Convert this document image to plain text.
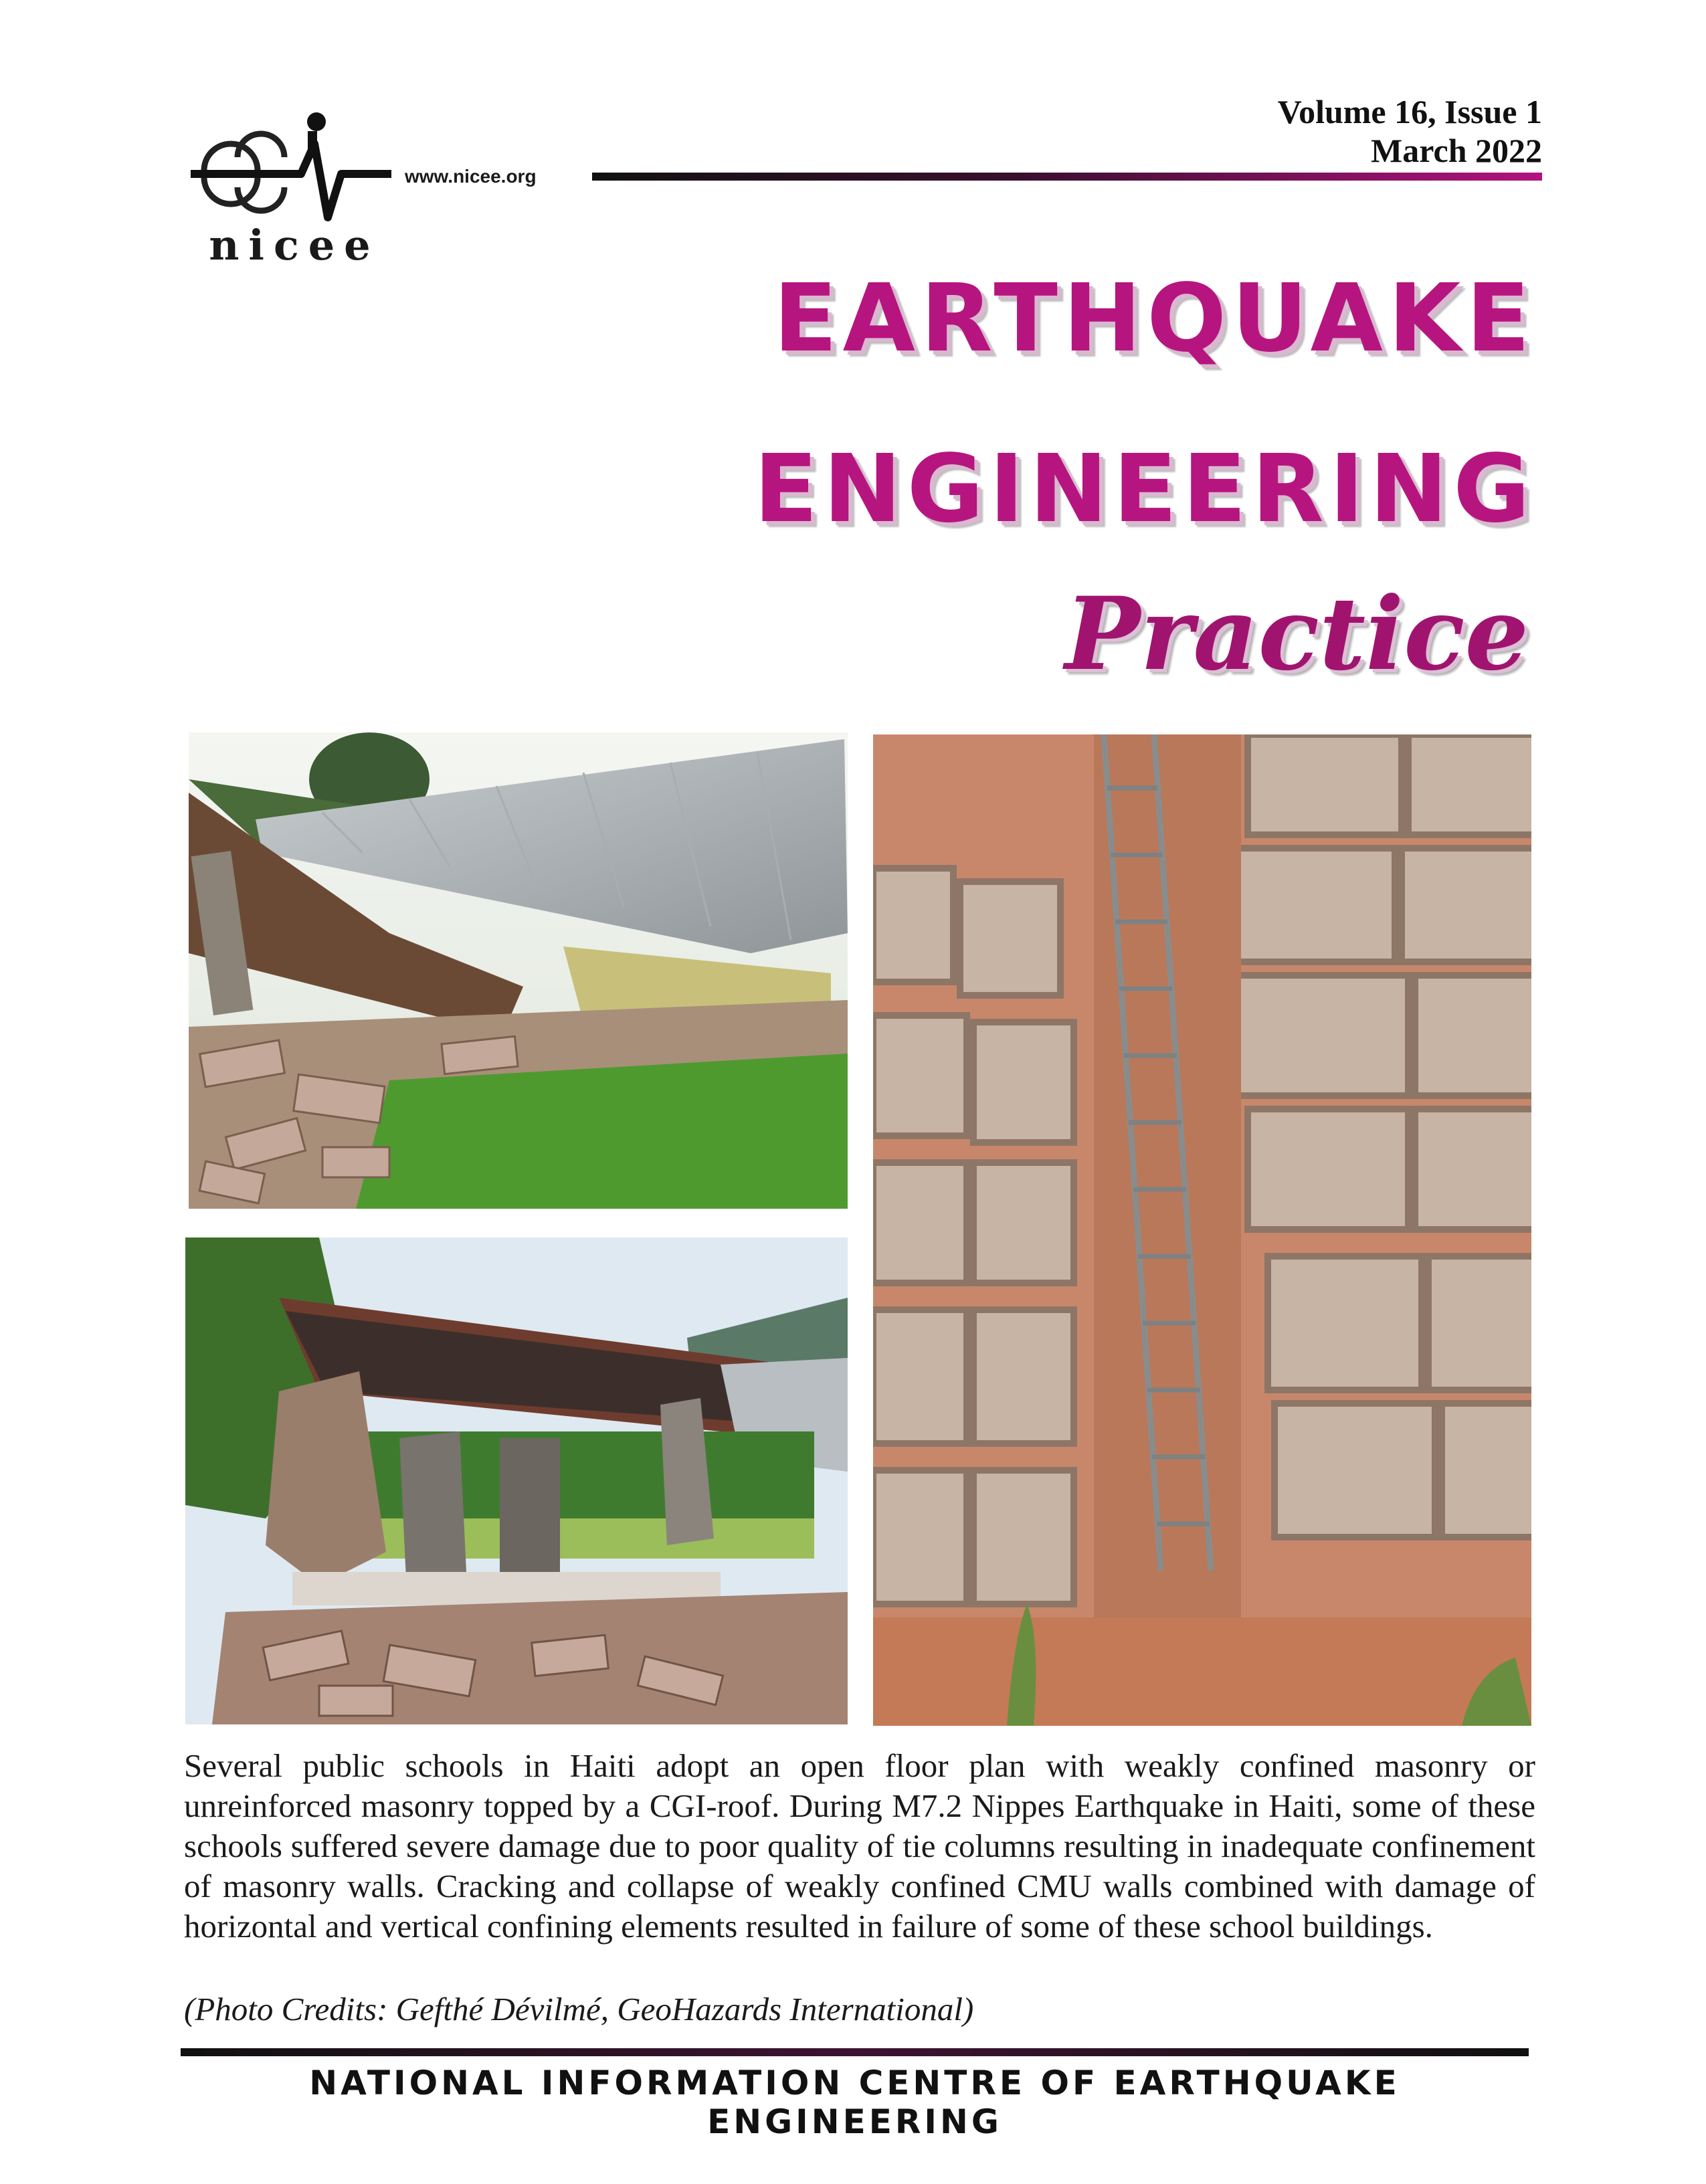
nicee
www.nicee.org
Volume 16, Issue 1
March 2022
EARTHQUAKE
ENGINEERING
Practice
Several public schools in Haiti adopt an open floor plan with weakly confined masonry or unreinforced masonry topped by a CGI-roof. During M7.2 Nippes Earthquake in Haiti, some of these schools suffered severe damage due to poor quality of tie columns resulting in inadequate confinement of masonry walls. Cracking and collapse of weakly confined CMU walls combined with damage of horizontal and vertical confining elements resulted in failure of some of these school buildings.
(Photo Credits: Gefthé Dévilmé, GeoHazards International)
NATIONAL INFORMATION CENTRE OF EARTHQUAKE ENGINEERING
